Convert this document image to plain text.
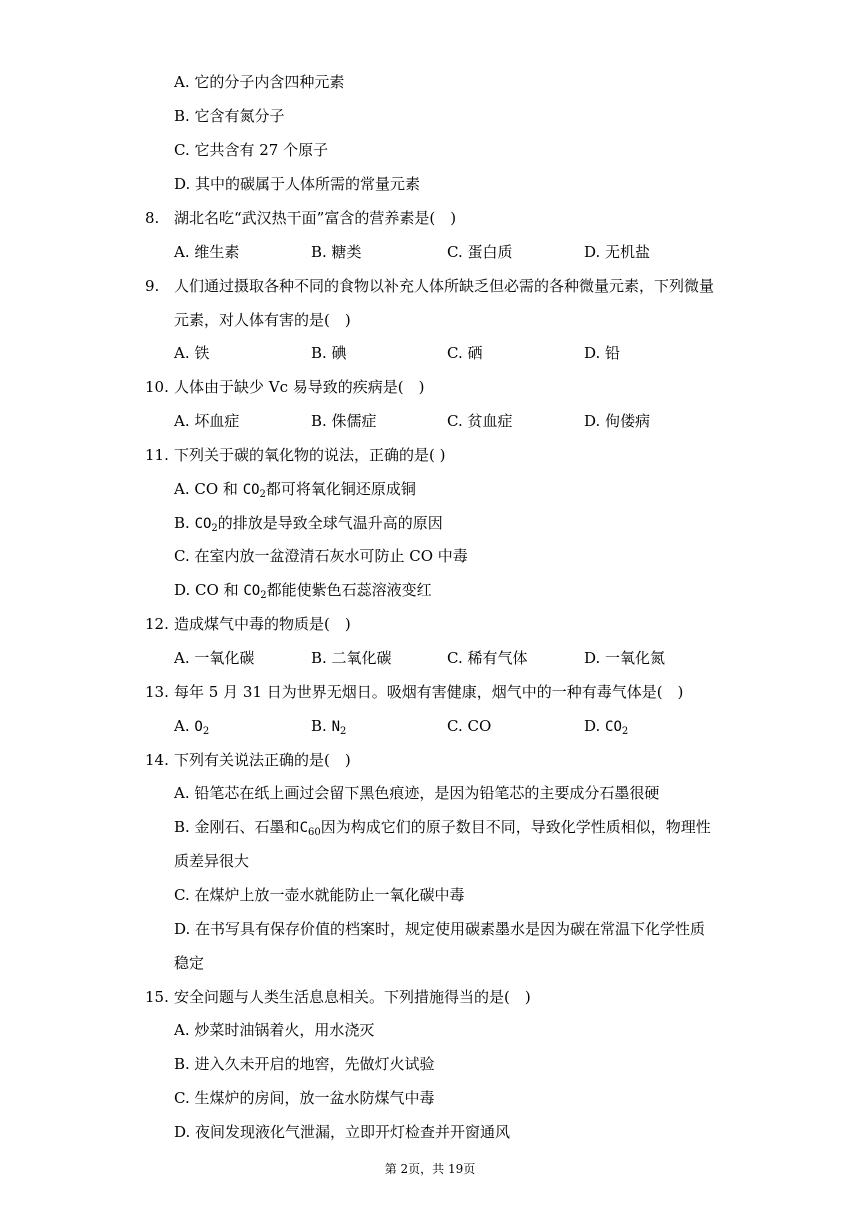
A. 它的分子内含四种元素
B. 它含有氮分子
C. 它共含有 27 个原子
D. 其中的碳属于人体所需的常量元素
8. 湖北名吃“武汉热干面”富含的营养素是(　)
A. 维生素	B. 糖类	C. 蛋白质	D. 无机盐
9. 人们通过摄取各种不同的食物以补充人体所缺乏但必需的各种微量元素，下列微量
元素，对人体有害的是(　)
A. 铁	B. 碘	C. 硒	D. 铅
10. 人体由于缺少 Vc 易导致的疾病是(　)
A. 坏血症	B. 侏儒症	C. 贫血症	D. 佝偻病
11. 下列关于碳的氧化物的说法，正确的是( )
A. CO 和 $CO_2$都可将氧化铜还原成铜
B. $CO_2$的排放是导致全球气温升高的原因
C. 在室内放一盆澄清石灰水可防止 CO 中毒
D. CO 和 $CO_2$都能使紫色石蕊溶液变红
12. 造成煤气中毒的物质是(　)
A. 一氧化碳	B. 二氧化碳	C. 稀有气体	D. 一氧化氮
13. 每年 5 月 31 日为世界无烟日。吸烟有害健康，烟气中的一种有毒气体是(　)
A. $O_2$	B. $N_2$	C. CO	D. $CO_2$
14. 下列有关说法正确的是(　)
A. 铅笔芯在纸上画过会留下黑色痕迹，是因为铅笔芯的主要成分石墨很硬
B. 金刚石、石墨和$C_{60}$因为构成它们的原子数目不同，导致化学性质相似，物理性
质差异很大
C. 在煤炉上放一壶水就能防止一氧化碳中毒
D. 在书写具有保存价值的档案时，规定使用碳素墨水是因为碳在常温下化学性质
稳定
15. 安全问题与人类生活息息相关。下列措施得当的是(　)
A. 炒菜时油锅着火，用水浇灭
B. 进入久未开启的地窖，先做灯火试验
C. 生煤炉的房间，放一盆水防煤气中毒
D. 夜间发现液化气泄漏，立即开灯检查并开窗通风
第 2页，共 19页
